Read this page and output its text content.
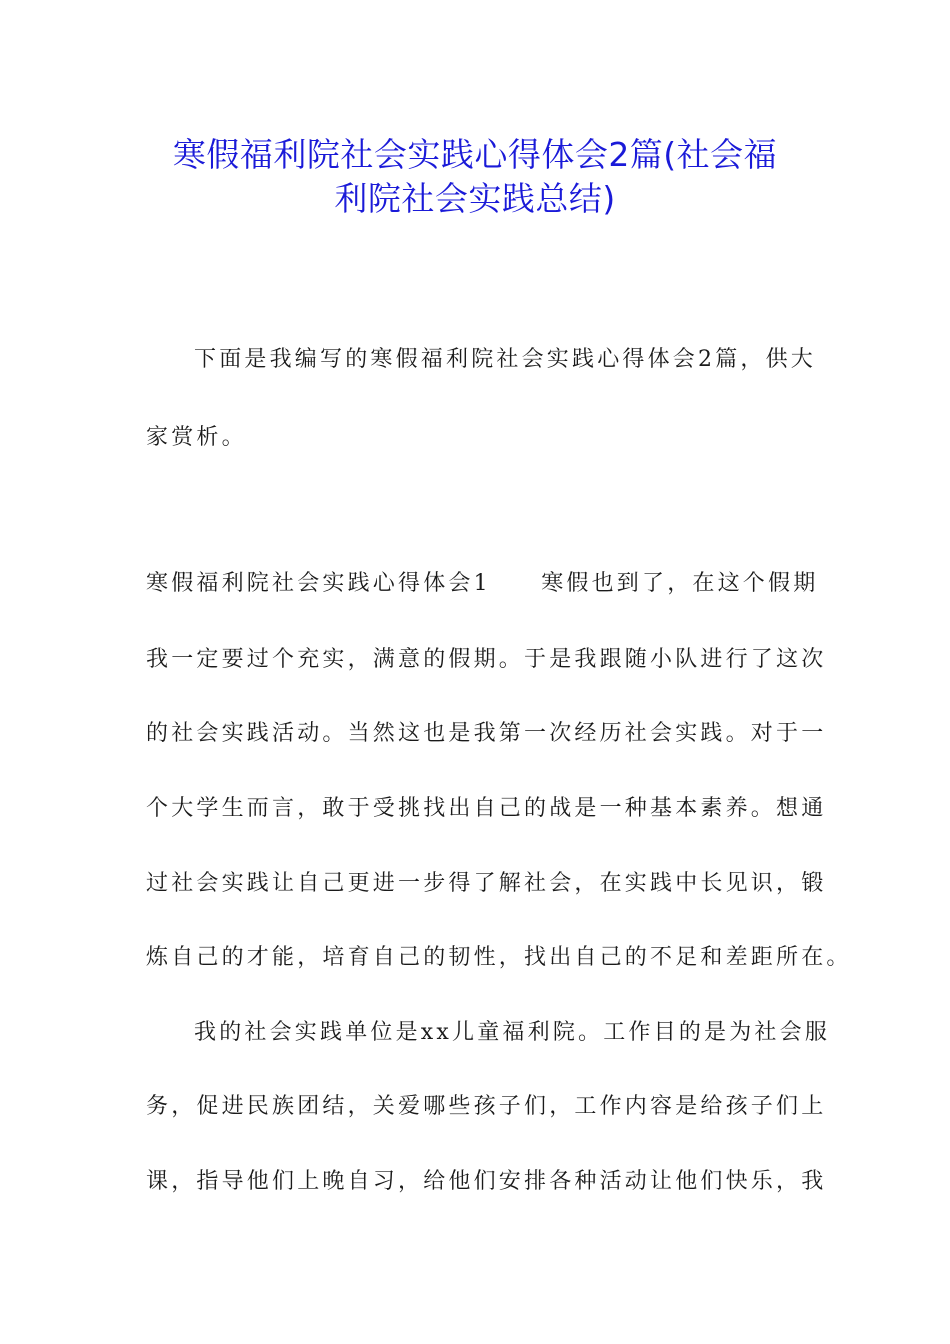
寒假福利院社会实践心得体会2篇(社会福
利院社会实践总结)
下面是我编写的寒假福利院社会实践心得体会2篇，供大
家赏析。
寒假福利院社会实践心得体会1　　寒假也到了，在这个假期
我一定要过个充实，满意的假期。于是我跟随小队进行了这次
的社会实践活动。当然这也是我第一次经历社会实践。对于一
个大学生而言，敢于受挑找出自己的战是一种基本素养。想通
过社会实践让自己更进一步得了解社会，在实践中长见识，锻
炼自己的才能，培育自己的韧性，找出自己的不足和差距所在。
我的社会实践单位是xx儿童福利院。工作目的是为社会服
务，促进民族团结，关爱哪些孩子们，工作内容是给孩子们上
课，指导他们上晚自习，给他们安排各种活动让他们快乐，我
